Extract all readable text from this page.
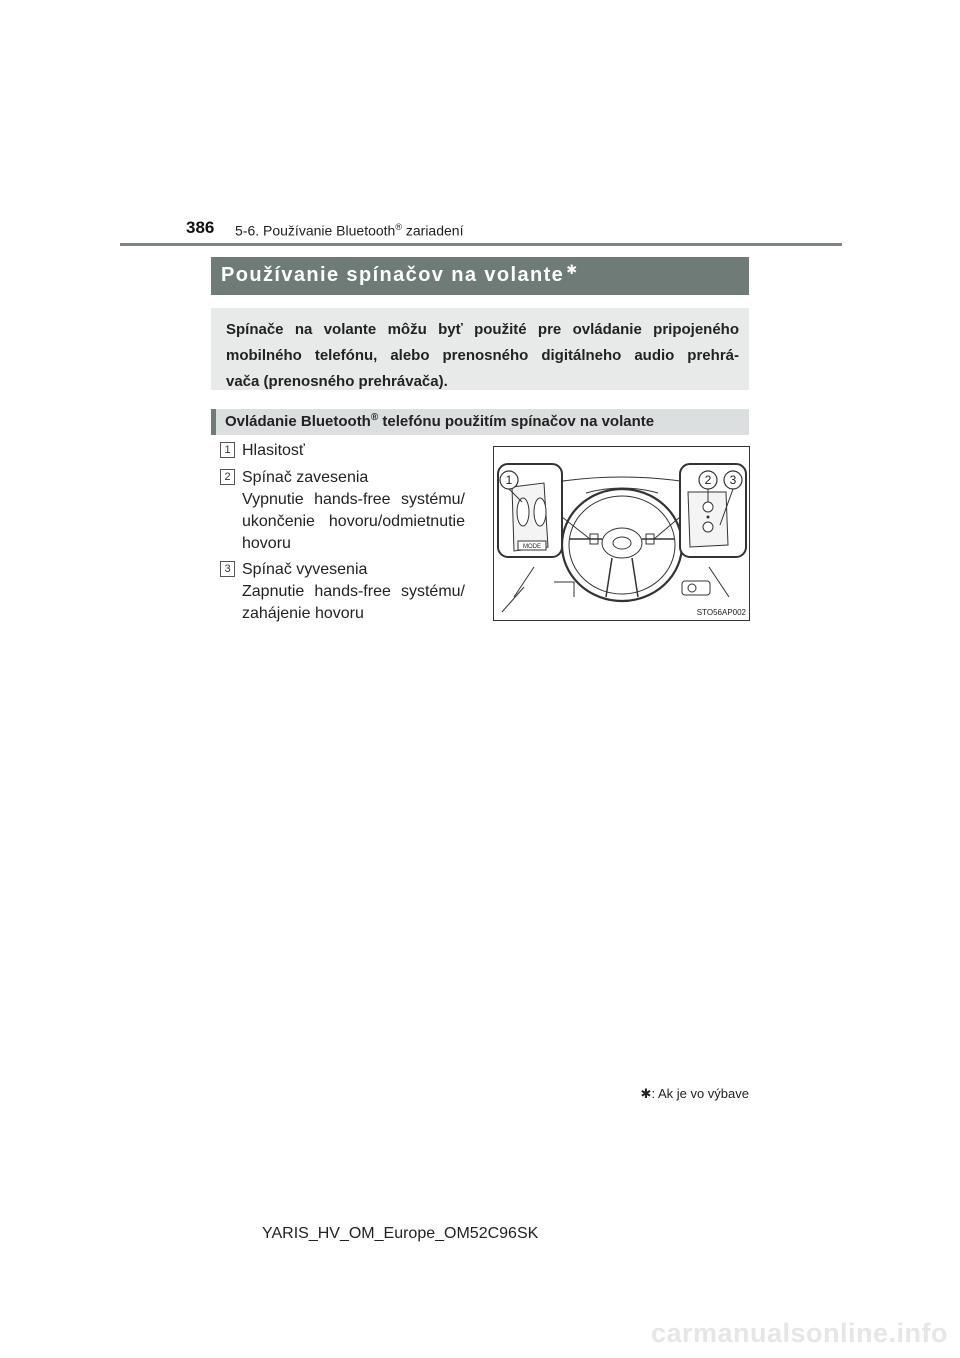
386 5-6. Používanie Bluetooth® zariadení
Používanie spínačov na volante ✱
Spínače na volante môžu byť použité pre ovládanie pripojeného
mobilného telefónu, alebo prenosného digitálneho audio prehrá-
vača (prenosného prehrávača).
Ovládanie Bluetooth® telefónu použitím spínačov na volante
1 Hlasitosť
2 Spínač zavesenia
Vypnutie hands-free systému/
ukončenie hovoru/odmietnutie
hovoru
3 Spínač vyvesenia
Zapnutie hands-free systému/
zahájenie hovoru
MODE
1	2 3
STO56AP002
✱: Ak je vo výbave
YARIS_HV_OM_Europe_OM52C96SK
carmanualsonline.info
